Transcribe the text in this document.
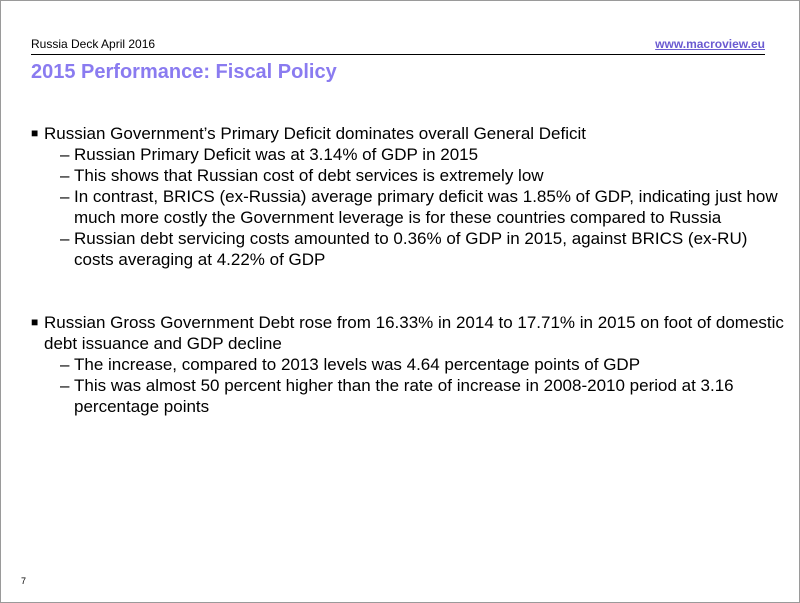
Russia Deck April 2016	www.macroview.eu
2015 Performance: Fiscal Policy
■ Russian Government’s Primary Deficit dominates overall General Deficit
– Russian Primary Deficit was at 3.14% of GDP in 2015
– This shows that Russian cost of debt services is extremely low
– In contrast, BRICS (ex-Russia) average primary deficit was 1.85% of GDP, indicating just how much more costly the Government leverage is for these countries compared to Russia
– Russian debt servicing costs amounted to 0.36% of GDP in 2015, against BRICS (ex-RU) costs averaging at 4.22% of GDP
■ Russian Gross Government Debt rose from 16.33% in 2014 to 17.71% in 2015 on foot of domestic debt issuance and GDP decline
– The increase, compared to 2013 levels was 4.64 percentage points of GDP
– This was almost 50 percent higher than the rate of increase in 2008-2010 period at 3.16 percentage points
7
